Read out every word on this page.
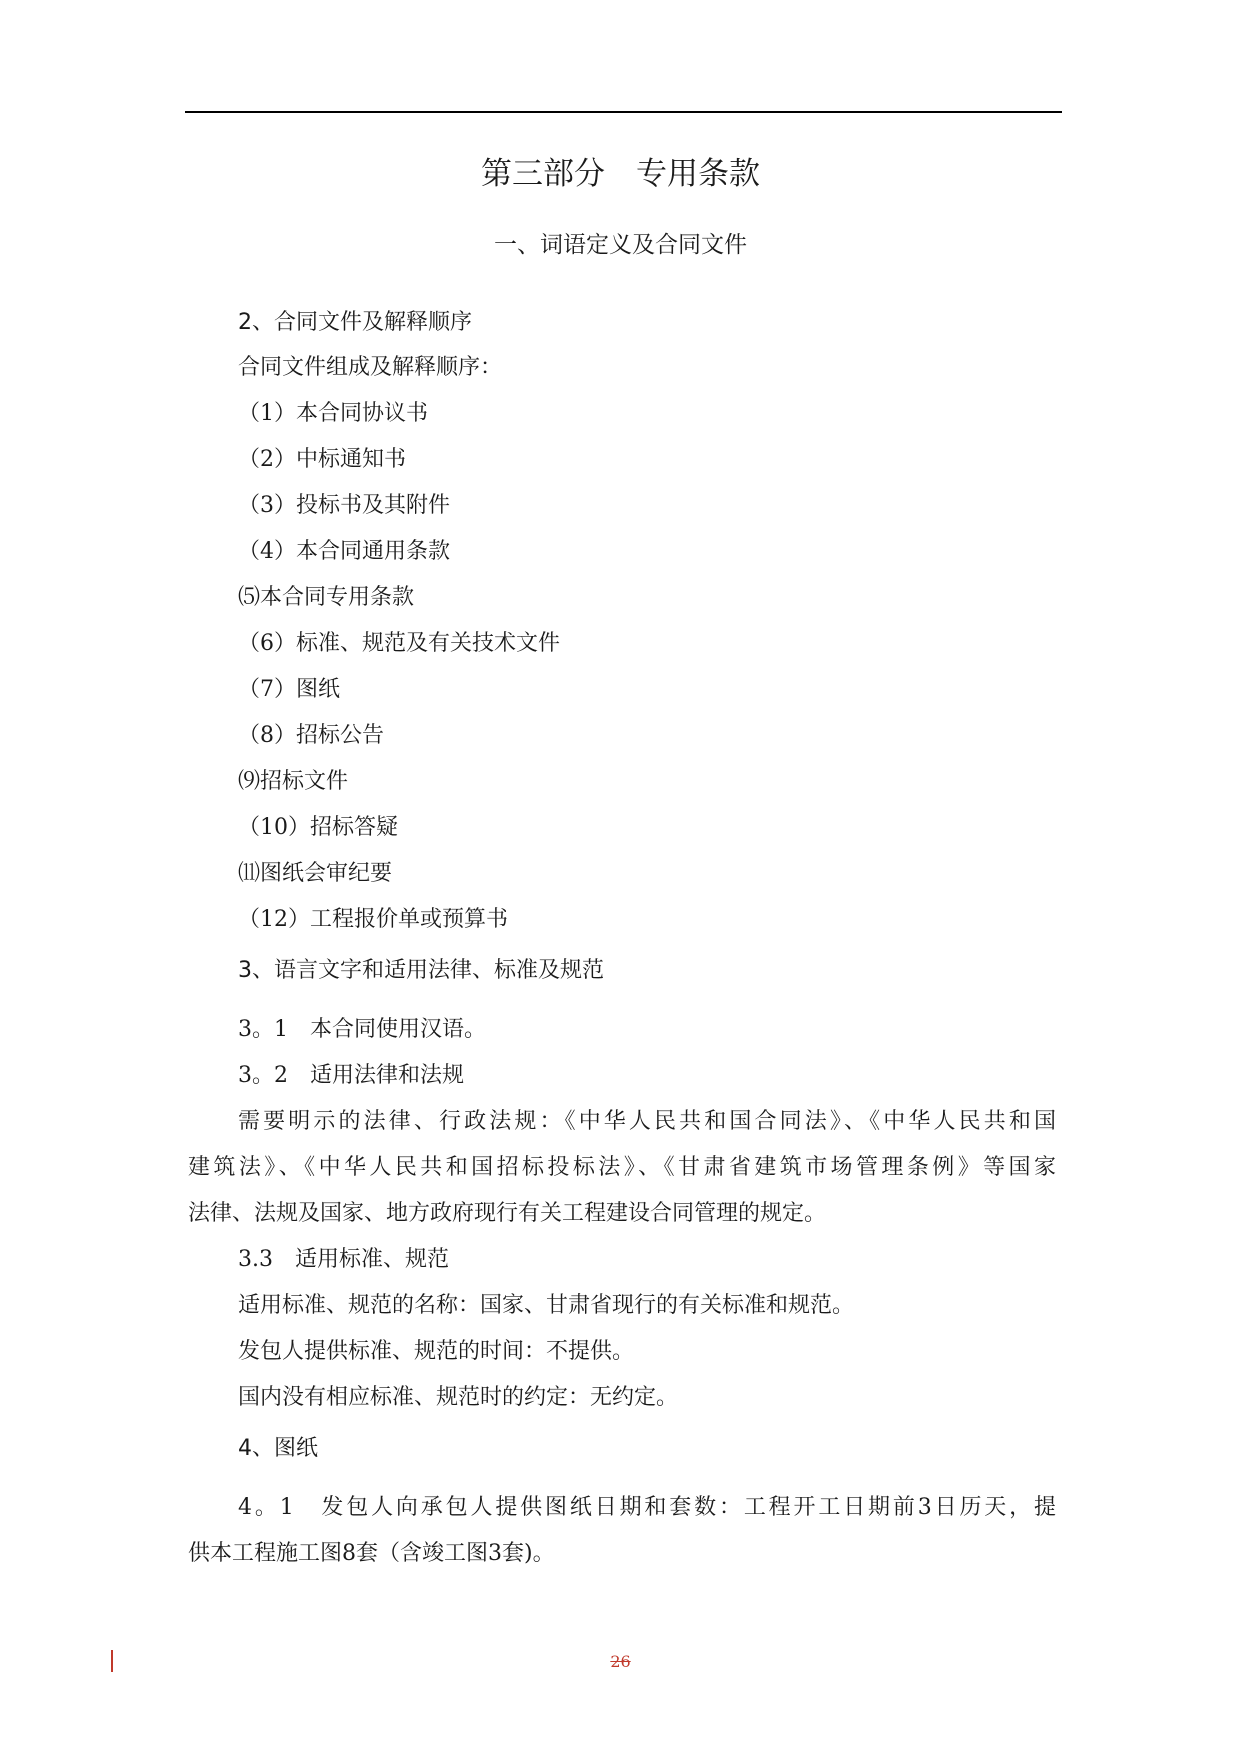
第三部分　专用条款
一、词语定义及合同文件
2、合同文件及解释顺序
合同文件组成及解释顺序：
（1）本合同协议书
（2）中标通知书
（3）投标书及其附件
（4）本合同通用条款
⑸本合同专用条款
（6）标准、规范及有关技术文件
（7）图纸
（8）招标公告
⑼招标文件
（10）招标答疑
⑾图纸会审纪要
（12）工程报价单或预算书
3、语言文字和适用法律、标准及规范
3。1　本合同使用汉语。
3。2　适用法律和法规
需要明示的法律、行政法规：《中华人民共和国合同法》、《中华人民共和国
建筑法》、《中华人民共和国招标投标法》、《甘肃省建筑市场管理条例》等国家
法律、法规及国家、地方政府现行有关工程建设合同管理的规定。
3.3　适用标准、规范
适用标准、规范的名称：国家、甘肃省现行的有关标准和规范。
发包人提供标准、规范的时间：不提供。
国内没有相应标准、规范时的约定：无约定。
4、图纸
4。1　发包人向承包人提供图纸日期和套数：工程开工日期前3日历天，提
供本工程施工图8套（含竣工图3套)。
26
